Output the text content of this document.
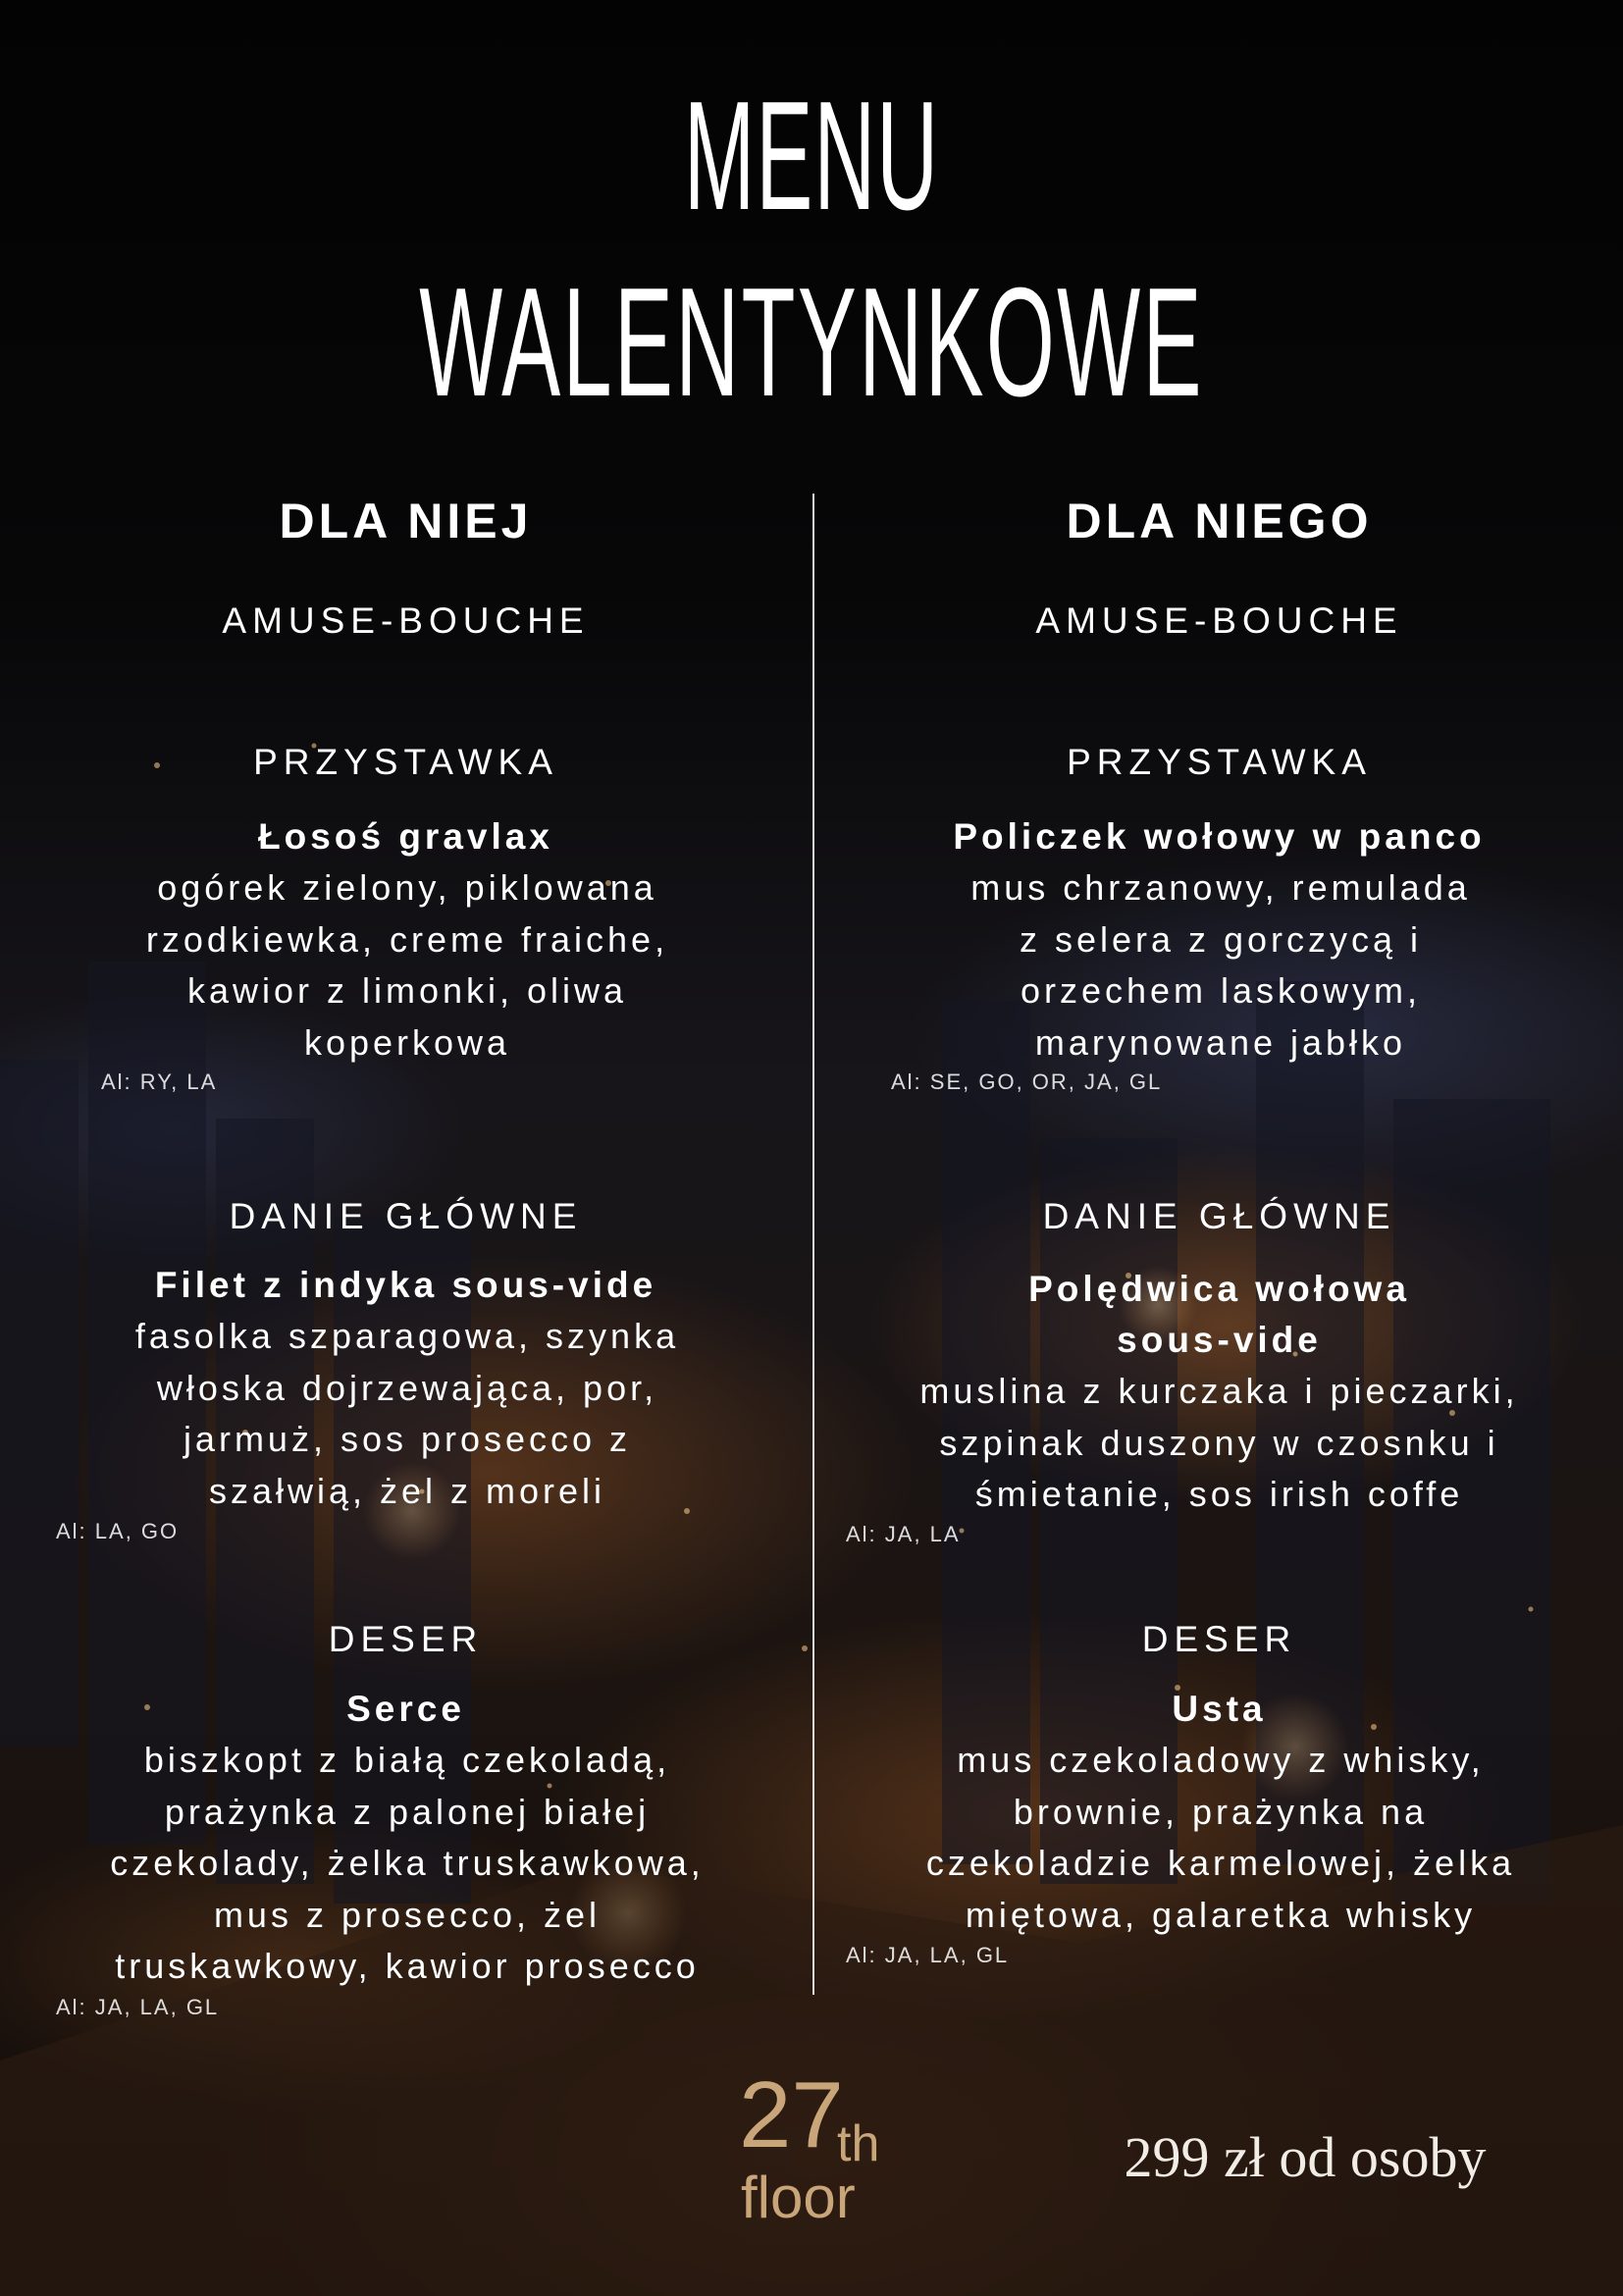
MENU
WALENTYNKOWE
DLA NIEJ

AMUSE-BOUCHE

PRZYSTAWKA

Łosoś gravlax

ogórek zielony, piklowana
rzodkiewka, creme fraiche,
kawior z limonki, oliwa
koperkowa

Al: RY, LA

DANIE GŁÓWNE

Filet z indyka sous-vide

fasolka szparagowa, szynka
włoska dojrzewająca, por,
jarmuż, sos prosecco z
szałwią, żel z moreli

Al: LA, GO

DESER

Serce

biszkopt z białą czekoladą,
prażynka z palonej białej
czekolady, żelka truskawkowa,
mus z prosecco, żel
truskawkowy, kawior prosecco

Al: JA, LA, GL

DLA NIEGO

AMUSE-BOUCHE

PRZYSTAWKA

Policzek wołowy w panco

mus chrzanowy, remulada
z selera z gorczycą i
orzechem laskowym,
marynowane jabłko

Al: SE, GO, OR, JA, GL

DANIE GŁÓWNE

Polędwica wołowa
sous-vide
muslina z kurczaka i pieczarki,
szpinak duszony w czosnku i
śmietanie, sos irish coffe

Al: JA, LA

DESER

Usta

mus czekoladowy z whisky,
brownie, prażynka na
czekoladzie karmelowej, żelka
miętowa, galaretka whisky

Al: JA, LA, GL

27
th
floor

299 zł od osoby
